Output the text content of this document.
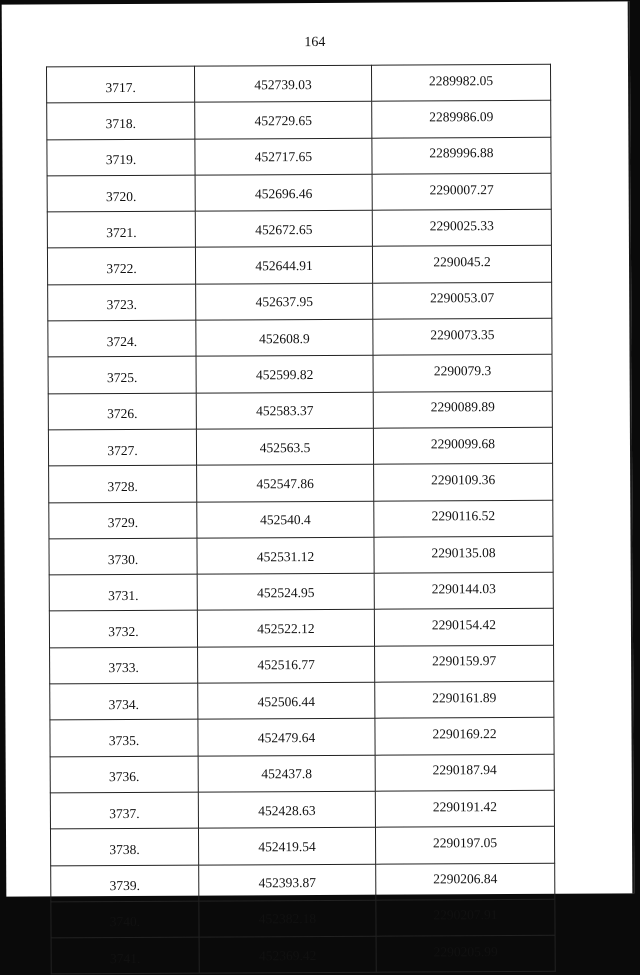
164
3717.	452739.03	2289982.05
3718.	452729.65	2289986.09
3719.	452717.65	2289996.88
3720.	452696.46	2290007.27
3721.	452672.65	2290025.33
3722.	452644.91	2290045.2
3723.	452637.95	2290053.07
3724.	452608.9	2290073.35
3725.	452599.82	2290079.3
3726.	452583.37	2290089.89
3727.	452563.5	2290099.68
3728.	452547.86	2290109.36
3729.	452540.4	2290116.52
3730.	452531.12	2290135.08
3731.	452524.95	2290144.03
3732.	452522.12	2290154.42
3733.	452516.77	2290159.97
3734.	452506.44	2290161.89
3735.	452479.64	2290169.22
3736.	452437.8	2290187.94
3737.	452428.63	2290191.42
3738.	452419.54	2290197.05
3739.	452393.87	2290206.84
3740.	452382.18	2290207.91
3741.	452369.42	2290205.99
